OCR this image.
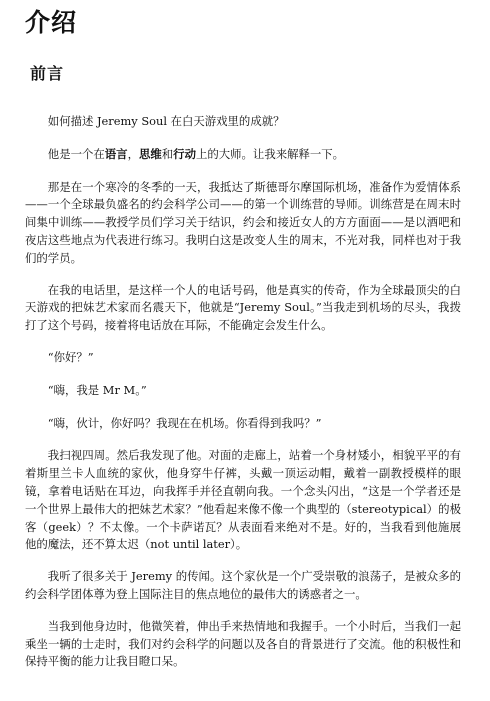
介绍
前言

如何描述 Jeremy Soul 在白天游戏里的成就？

他是一个在语言，思维和行动上的大师。让我来解释一下。

那是在一个寒冷的冬季的一天，我抵达了斯德哥尔摩国际机场，准备作为爱情体系——一个全球最负盛名的约会科学公司——的第一个训练营的导师。训练营是在周末时间集中训练——教授学员们学习关于结识，约会和接近女人的方方面面——是以酒吧和夜店这些地点为代表进行练习。我明白这是改变人生的周末，不光对我，同样也对于我们的学员。

在我的电话里，是这样一个人的电话号码，他是真实的传奇，作为全球最顶尖的白天游戏的把妹艺术家而名震天下，他就是“Jeremy Soul。”当我走到机场的尽头，我拨打了这个号码，接着将电话放在耳际，不能确定会发生什么。

“你好？”

“嗨，我是 Mr M。”

“嗨，伙计，你好吗？我现在在机场。你看得到我吗？”

我扫视四周。然后我发现了他。对面的走廊上，站着一个身材矮小，相貌平平的有着斯里兰卡人血统的家伙，他身穿牛仔裤，头戴一顶运动帽，戴着一副教授模样的眼镜，拿着电话贴在耳边，向我挥手并径直朝向我。一个念头闪出，“这是一个学者还是一个世界上最伟大的把妹艺术家？”他看起来像不像一个典型的（stereotypical）的极客（geek）？不太像。一个卡萨诺瓦？从表面看来绝对不是。好的，当我看到他施展他的魔法，还不算太迟（not until later）。

我听了很多关于 Jeremy 的传闻。这个家伙是一个广受崇敬的浪荡子，是被众多的约会科学团体尊为登上国际注目的焦点地位的最伟大的诱惑者之一。

当我到他身边时，他微笑着，伸出手来热情地和我握手。一个小时后，当我们一起乘坐一辆的士走时，我们对约会科学的问题以及各自的背景进行了交流。他的积极性和保持平衡的能力让我目瞪口呆。
